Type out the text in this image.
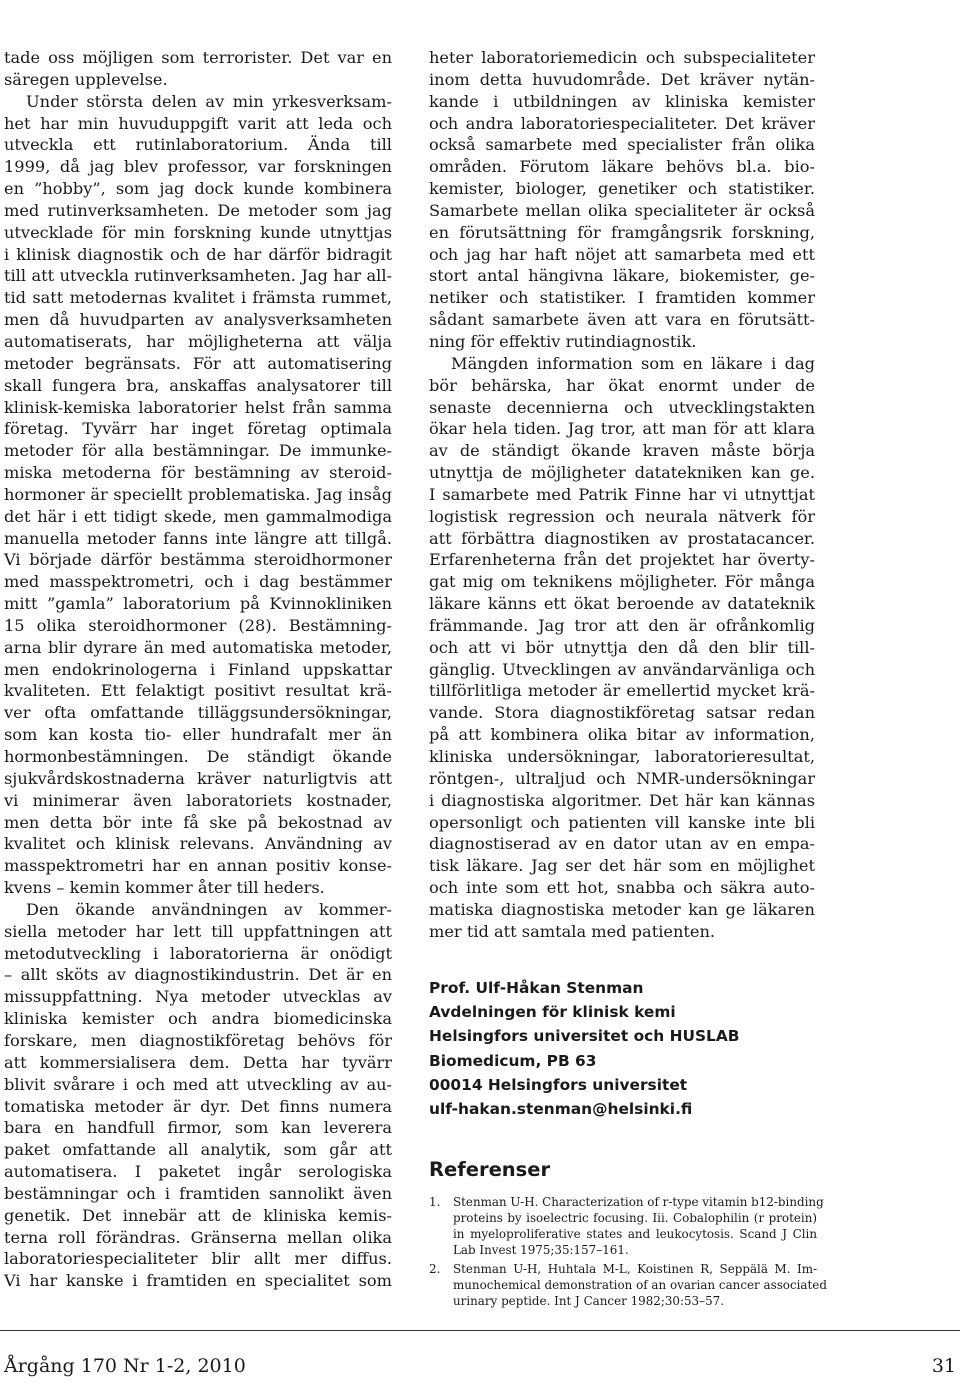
tade oss möjligen som terrorister. Det var en
säregen upplevelse.
Under största delen av min yrkesverksam-
het har min huvuduppgift varit att leda och
utveckla ett rutinlaboratorium. Ända till
1999, då jag blev professor, var forskningen
en ”hobby”, som jag dock kunde kombinera
med rutinverksamheten. De metoder som jag
utvecklade för min forskning kunde utnyttjas
i klinisk diagnostik och de har därför bidragit
till att utveckla rutinverksamheten. Jag har all-
tid satt metodernas kvalitet i främsta rummet,
men då huvudparten av analysverksamheten
automatiserats, har möjligheterna att välja
metoder begränsats. För att automatisering
skall fungera bra, anskaffas analysatorer till
klinisk-kemiska laboratorier helst från samma
företag. Tyvärr har inget företag optimala
metoder för alla bestämningar. De immunke-
miska metoderna för bestämning av steroid-
hormoner är speciellt problematiska. Jag insåg
det här i ett tidigt skede, men gammalmodiga
manuella metoder fanns inte längre att tillgå.
Vi började därför bestämma steroidhormoner
med masspektrometri, och i dag bestämmer
mitt ”gamla” laboratorium på Kvinnokliniken
15 olika steroidhormoner (28). Bestämning-
arna blir dyrare än med automatiska metoder,
men endokrinologerna i Finland uppskattar
kvaliteten. Ett felaktigt positivt resultat krä-
ver ofta omfattande tilläggsundersökningar,
som kan kosta tio- eller hundrafalt mer än
hormonbestämningen. De ständigt ökande
sjukvårdskostnaderna kräver naturligtvis att
vi minimerar även laboratoriets kostnader,
men detta bör inte få ske på bekostnad av
kvalitet och klinisk relevans. Användning av
masspektrometri har en annan positiv konse-
kvens – kemin kommer åter till heders.
Den ökande användningen av kommer-
siella metoder har lett till uppfattningen att
metodutveckling i laboratorierna är onödigt
– allt sköts av diagnostikindustrin. Det är en
missuppfattning. Nya metoder utvecklas av
kliniska kemister och andra biomedicinska
forskare, men diagnostikföretag behövs för
att kommersialisera dem. Detta har tyvärr
blivit svårare i och med att utveckling av au-
tomatiska metoder är dyr. Det finns numera
bara en handfull firmor, som kan leverera
paket omfattande all analytik, som går att
automatisera. I paketet ingår serologiska
bestämningar och i framtiden sannolikt även
genetik. Det innebär att de kliniska kemis-
terna roll förändras. Gränserna mellan olika
laboratoriespecialiteter blir allt mer diffus.
Vi har kanske i framtiden en specialitet som
heter laboratoriemedicin och subspecialiteter
inom detta huvudområde. Det kräver nytän-
kande i utbildningen av kliniska kemister
och andra laboratoriespecialiteter. Det kräver
också samarbete med specialister från olika
områden. Förutom läkare behövs bl.a. bio-
kemister, biologer, genetiker och statistiker.
Samarbete mellan olika specialiteter är också
en förutsättning för framgångsrik forskning,
och jag har haft nöjet att samarbeta med ett
stort antal hängivna läkare, biokemister, ge-
netiker och statistiker. I framtiden kommer
sådant samarbete även att vara en förutsätt-
ning för effektiv rutindiagnostik.
Mängden information som en läkare i dag
bör behärska, har ökat enormt under de
senaste decennierna och utvecklingstakten
ökar hela tiden. Jag tror, att man för att klara
av de ständigt ökande kraven måste börja
utnyttja de möjligheter datatekniken kan ge.
I samarbete med Patrik Finne har vi utnyttjat
logistisk regression och neurala nätverk för
att förbättra diagnostiken av prostatacancer.
Erfarenheterna från det projektet har överty-
gat mig om teknikens möjligheter. För många
läkare känns ett ökat beroende av datateknik
främmande. Jag tror att den är ofrånkomlig
och att vi bör utnyttja den då den blir till-
gänglig. Utvecklingen av användarvänliga och
tillförlitliga metoder är emellertid mycket krä-
vande. Stora diagnostikföretag satsar redan
på att kombinera olika bitar av information,
kliniska undersökningar, laboratorieresultat,
röntgen-, ultraljud och NMR-undersökningar
i diagnostiska algoritmer. Det här kan kännas
opersonligt och patienten vill kanske inte bli
diagnostiserad av en dator utan av en empa-
tisk läkare. Jag ser det här som en möjlighet
och inte som ett hot, snabba och säkra auto-
matiska diagnostiska metoder kan ge läkaren
mer tid att samtala med patienten.
Prof. Ulf-Håkan Stenman
Avdelningen för klinisk kemi
Helsingfors universitet och HUSLAB
Biomedicum, PB 63
00014 Helsingfors universitet
ulf-hakan.stenman@helsinki.fi
Referenser
1. Stenman U-H. Characterization of r-type vitamin b12-binding
proteins by isoelectric focusing. Iii. Cobalophilin (r protein)
in myeloproliferative states and leukocytosis. Scand J Clin
Lab Invest 1975;35:157–161.
2. Stenman U-H, Huhtala M-L, Koistinen R, Seppälä M. Im-
munochemical demonstration of an ovarian cancer associated
urinary peptide. Int J Cancer 1982;30:53–57.
Årgång 170 Nr 1-2, 2010	31
